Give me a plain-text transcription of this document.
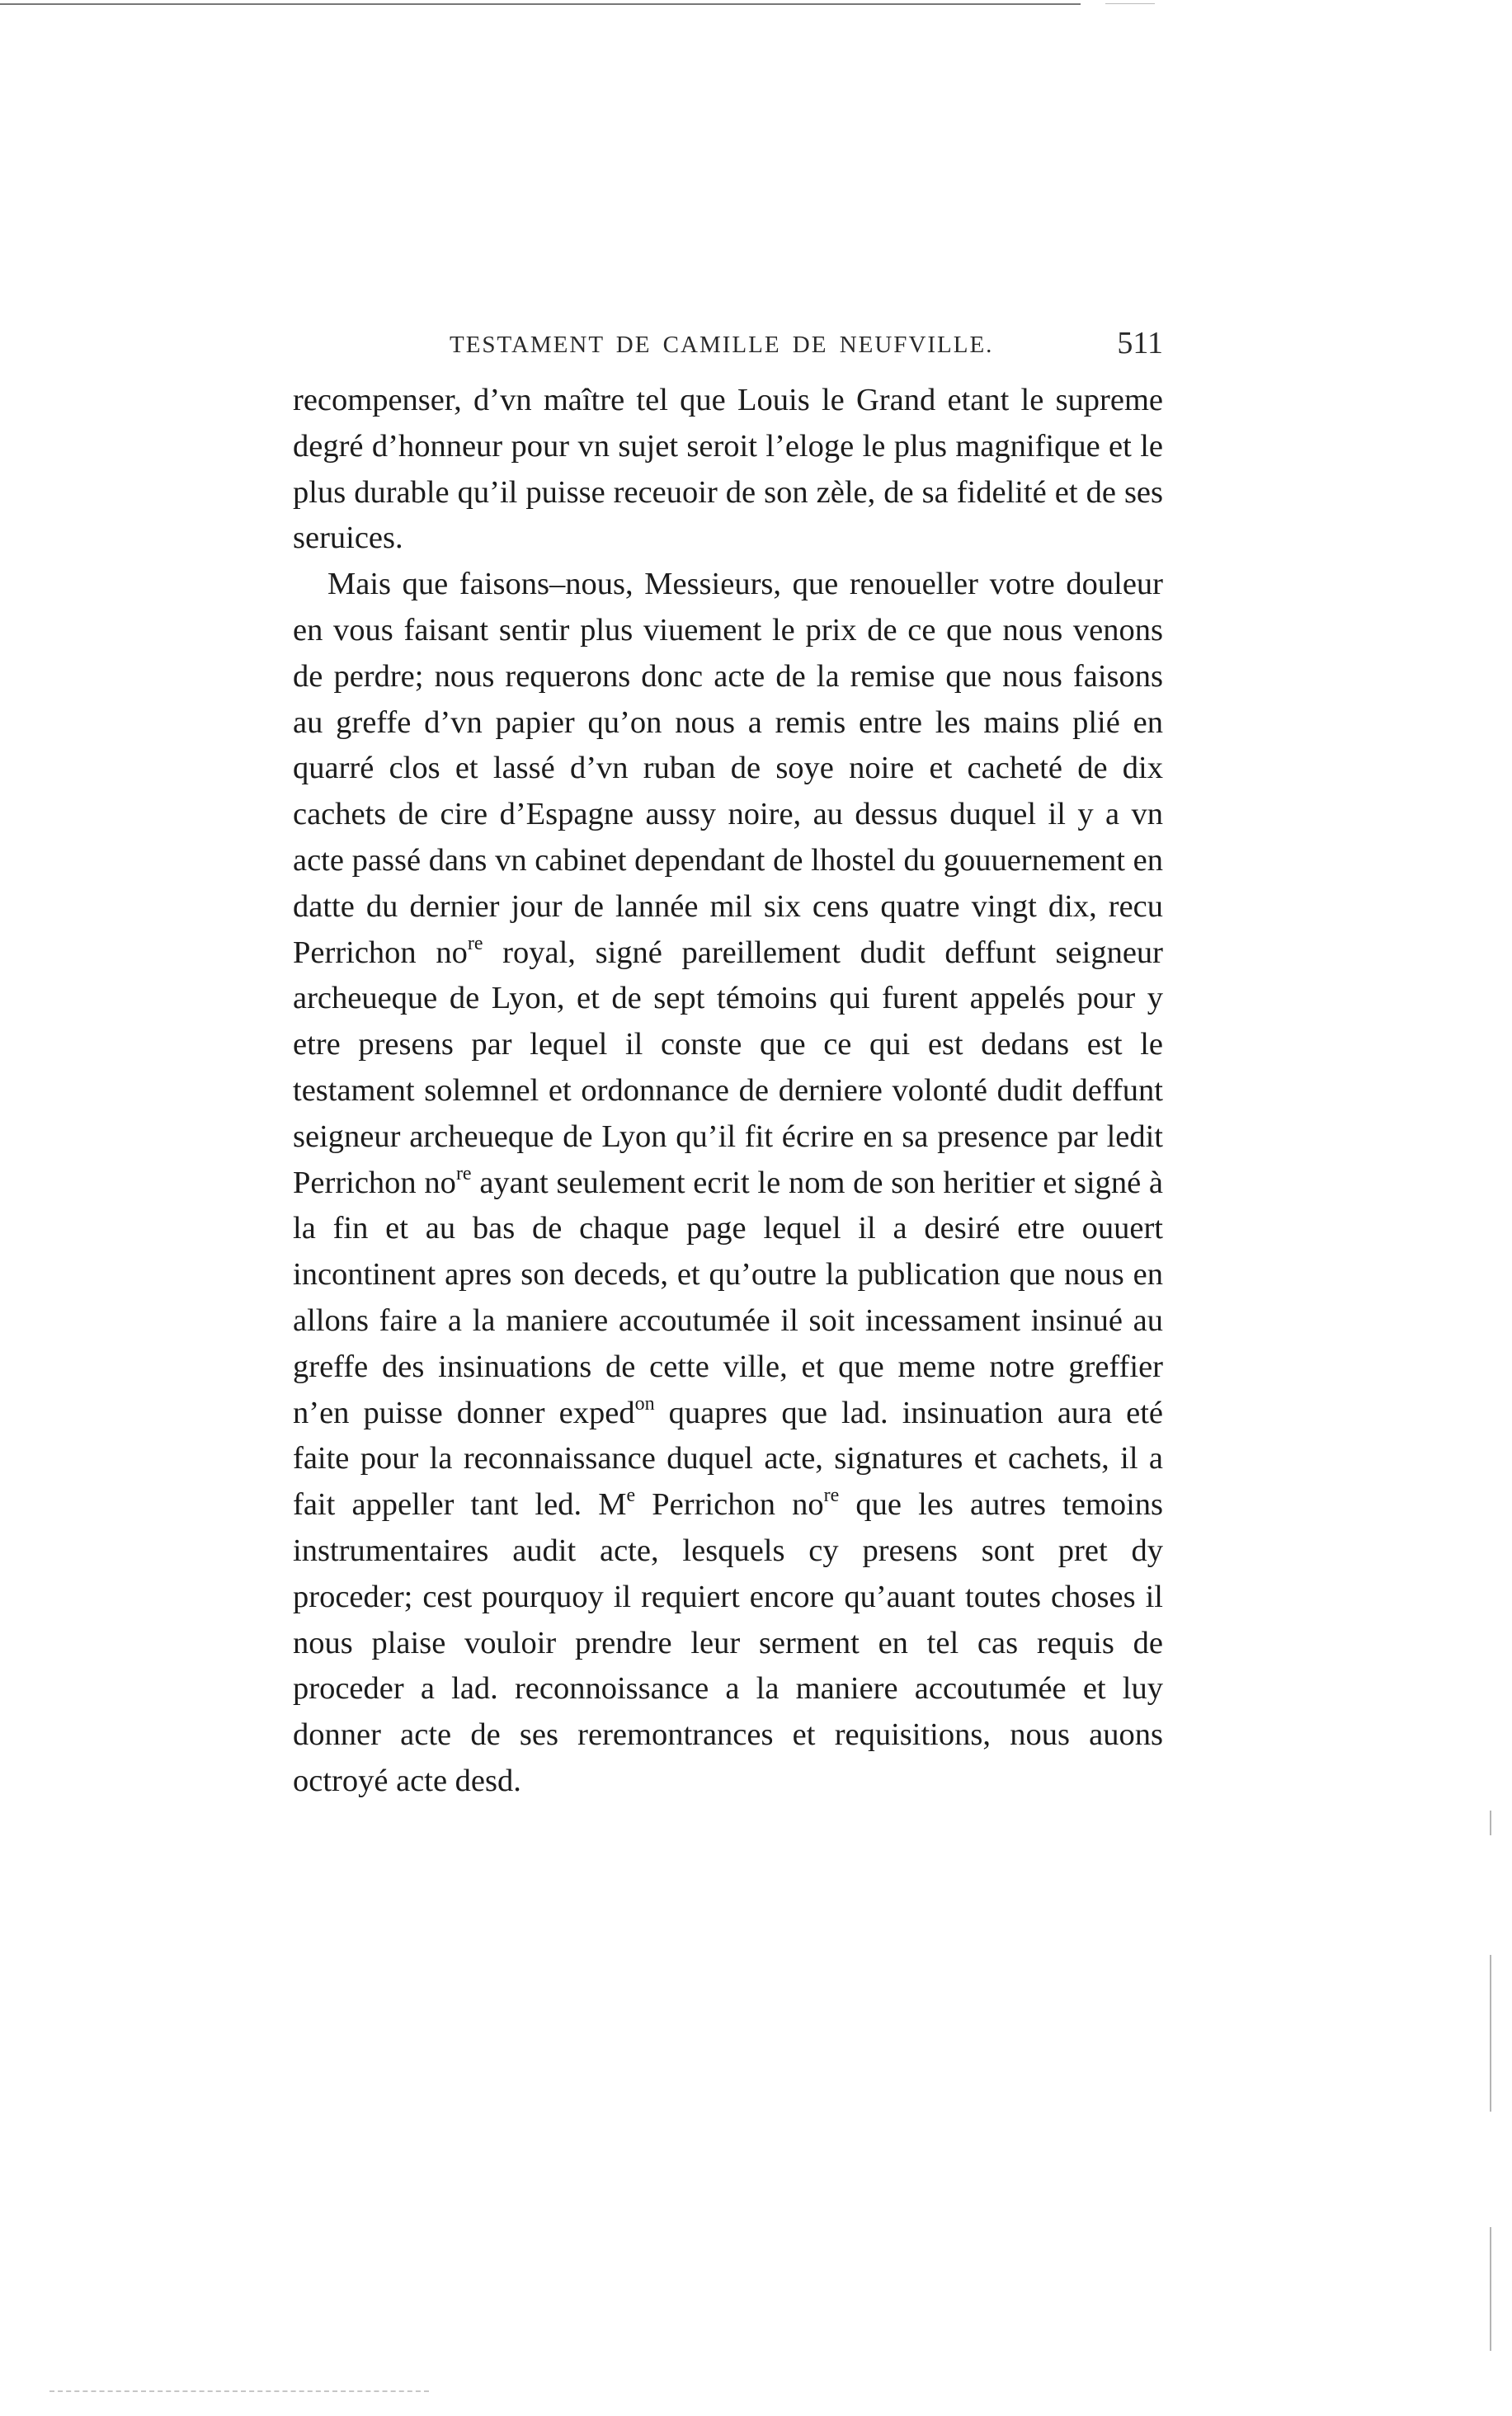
TESTAMENT DE CAMILLE DE NEUFVILLE.	511

recompenser, d’vn maître tel que Louis le Grand etant le supreme degré d’honneur pour vn sujet seroit l’eloge le plus magnifique et le plus durable qu’il puisse receuoir de son zèle, de sa fidelité et de ses seruices.

Mais que faisons–nous, Messieurs, que renoueller votre douleur en vous faisant sentir plus viuement le prix de ce que nous venons de perdre; nous requerons donc acte de la remise que nous faisons au greffe d’vn papier qu’on nous a remis entre les mains plié en quarré clos et lassé d’vn ruban de soye noire et cacheté de dix cachets de cire d’Espagne aussy noire, au dessus duquel il y a vn acte passé dans vn cabinet dependant de lhostel du gouuernement en datte du dernier jour de lannée mil six cens quatre vingt dix, recu Perrichon $no^{re}$ royal, signé pareillement dudit deffunt seigneur archeueque de Lyon, et de sept témoins qui furent appelés pour y etre presens par lequel il conste que ce qui est dedans est le testament solemnel et ordonnance de derniere volonté dudit deffunt seigneur archeueque de Lyon qu’il fit écrire en sa presence par ledit Perrichon $no^{re}$ ayant seulement ecrit le nom de son heritier et signé à la fin et au bas de chaque page lequel il a desiré etre ouuert incontinent apres son deceds, et qu’outre la publication que nous en allons faire a la maniere accoutumée il soit incessament insinué au greffe des insinuations de cette ville, et que meme notre greffier n’en puisse donner exped$^{on}$ quapres que lad. insinuation aura eté faite pour la reconnaissance duquel acte, signatures et cachets, il a fait appeller tant led. Me Perrichon $no^{re}$ que les autres temoins instrumentaires audit acte, lesquels cy presens sont pret dy proceder; cest pourquoy il requiert encore qu’auant toutes choses il nous plaise vouloir prendre leur serment en tel cas requis de proceder a lad. reconnoissance a la maniere accoutumée et luy donner acte de ses reremontrances et requisitions, nous auons octroyé acte desd.
